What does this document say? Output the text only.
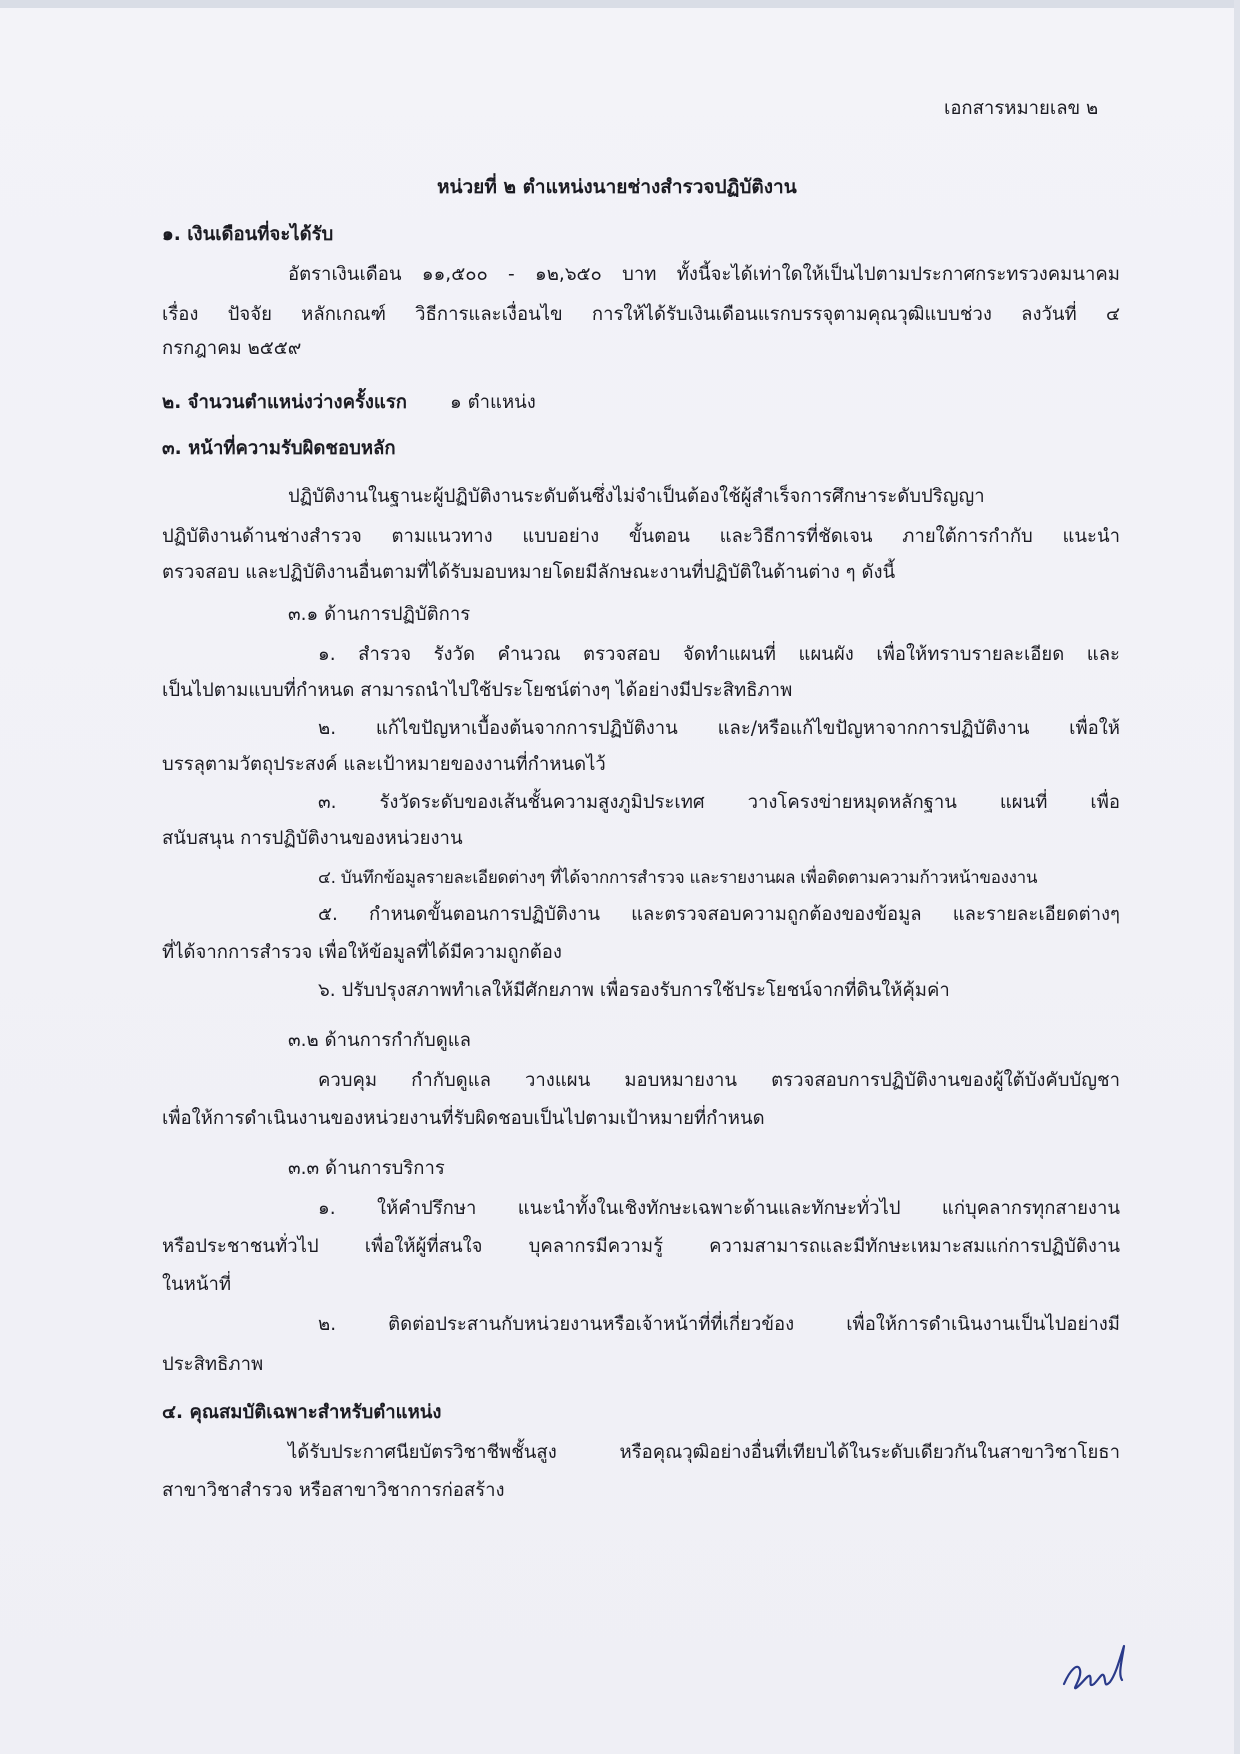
เอกสารหมายเลข ๒
หน่วยที่ ๒ ตำแหน่งนายช่างสำรวจปฏิบัติงาน
๑. เงินเดือนที่จะได้รับ
อัตราเงินเดือน ๑๑,๕๐๐ - ๑๒,๖๕๐ บาท ทั้งนี้จะได้เท่าใดให้เป็นไปตามประกาศกระทรวงคมนาคม
เรื่อง ปัจจัย หลักเกณฑ์ วิธีการและเงื่อนไข การให้ได้รับเงินเดือนแรกบรรจุตามคุณวุฒิแบบช่วง ลงวันที่ ๔
กรกฎาคม ๒๕๕๙
๒. จำนวนตำแหน่งว่างครั้งแรก ๑ ตำแหน่ง
๓. หน้าที่ความรับผิดชอบหลัก
ปฏิบัติงานในฐานะผู้ปฏิบัติงานระดับต้นซึ่งไม่จำเป็นต้องใช้ผู้สำเร็จการศึกษาระดับปริญญา
ปฏิบัติงานด้านช่างสำรวจ ตามแนวทาง แบบอย่าง ขั้นตอน และวิธีการที่ชัดเจน ภายใต้การกำกับ แนะนำ
ตรวจสอบ และปฏิบัติงานอื่นตามที่ได้รับมอบหมายโดยมีลักษณะงานที่ปฏิบัติในด้านต่าง ๆ ดังนี้
๓.๑ ด้านการปฏิบัติการ
๑. สำรวจ รังวัด คำนวณ ตรวจสอบ จัดทำแผนที่ แผนผัง เพื่อให้ทราบรายละเอียด และ
เป็นไปตามแบบที่กำหนด สามารถนำไปใช้ประโยชน์ต่างๆ ได้อย่างมีประสิทธิภาพ
๒. แก้ไขปัญหาเบื้องต้นจากการปฏิบัติงาน และ/หรือแก้ไขปัญหาจากการปฏิบัติงาน เพื่อให้
บรรลุตามวัตถุประสงค์ และเป้าหมายของงานที่กำหนดไว้
๓. รังวัดระดับของเส้นชั้นความสูงภูมิประเทศ วางโครงข่ายหมุดหลักฐาน แผนที่ เพื่อ
สนับสนุน การปฏิบัติงานของหน่วยงาน
๔. บันทึกข้อมูลรายละเอียดต่างๆ ที่ได้จากการสำรวจ และรายงานผล เพื่อติดตามความก้าวหน้าของงาน
๕. กำหนดขั้นตอนการปฏิบัติงาน และตรวจสอบความถูกต้องของข้อมูล และรายละเอียดต่างๆ
ที่ได้จากการสำรวจ เพื่อให้ข้อมูลที่ได้มีความถูกต้อง
๖. ปรับปรุงสภาพทำเลให้มีศักยภาพ เพื่อรองรับการใช้ประโยชน์จากที่ดินให้คุ้มค่า
๓.๒ ด้านการกำกับดูแล
ควบคุม กำกับดูแล วางแผน มอบหมายงาน ตรวจสอบการปฏิบัติงานของผู้ใต้บังคับบัญชา
เพื่อให้การดำเนินงานของหน่วยงานที่รับผิดชอบเป็นไปตามเป้าหมายที่กำหนด
๓.๓ ด้านการบริการ
๑. ให้คำปรึกษา แนะนำทั้งในเชิงทักษะเฉพาะด้านและทักษะทั่วไป แก่บุคลากรทุกสายงาน
หรือประชาชนทั่วไป เพื่อให้ผู้ที่สนใจ บุคลากรมีความรู้ ความสามารถและมีทักษะเหมาะสมแก่การปฏิบัติงาน
ในหน้าที่
๒. ติดต่อประสานกับหน่วยงานหรือเจ้าหน้าที่ที่เกี่ยวข้อง เพื่อให้การดำเนินงานเป็นไปอย่างมี
ประสิทธิภาพ
๔. คุณสมบัติเฉพาะสำหรับตำแหน่ง
ได้รับประกาศนียบัตรวิชาชีพชั้นสูง หรือคุณวุฒิอย่างอื่นที่เทียบได้ในระดับเดียวกันในสาขาวิชาโยธา
สาขาวิชาสำรวจ หรือสาขาวิชาการก่อสร้าง
